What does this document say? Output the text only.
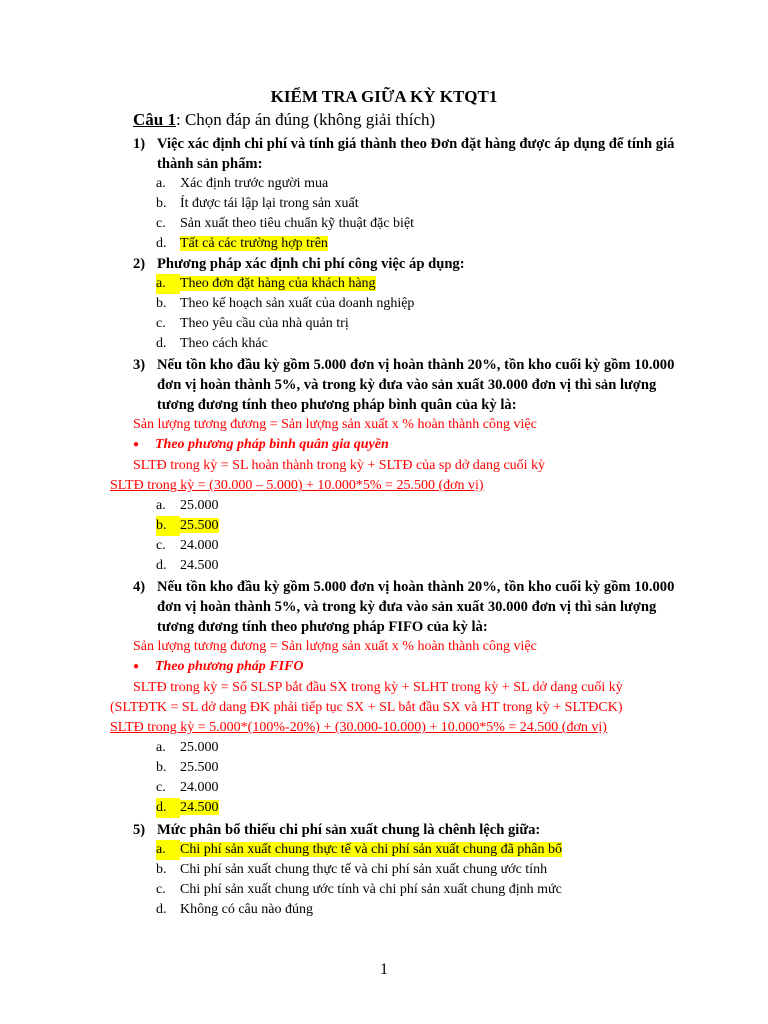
KIỂM TRA GIỮA KỲ KTQT1
Câu 1: Chọn đáp án đúng (không giải thích)
1) Việc xác định chi phí và tính giá thành theo Đơn đặt hàng được áp dụng để tính giá thành sản phẩm:
a. Xác định trước người mua
b. Ít được tái lập lại trong sản xuất
c. Sản xuất theo tiêu chuẩn kỹ thuật đặc biệt
d. Tất cả các trường hợp trên
2) Phương pháp xác định chi phí công việc áp dụng:
a. Theo đơn đặt hàng của khách hàng
b. Theo kế hoạch sản xuất của doanh nghiệp
c. Theo yêu cầu của nhà quản trị
d. Theo cách khác
3) Nếu tồn kho đầu kỳ gồm 5.000 đơn vị hoàn thành 20%, tồn kho cuối kỳ gồm 10.000 đơn vị hoàn thành 5%, và trong kỳ đưa vào sản xuất 30.000 đơn vị thì sản lượng tương đương tính theo phương pháp bình quân của kỳ là:
Sản lượng tương đương = Sản lượng sản xuất x % hoàn thành công việc
● Theo phương pháp bình quân gia quyền
SLTĐ trong kỳ = SL hoàn thành trong kỳ + SLTĐ của sp dở dang cuối kỳ
SLTĐ trong kỳ = (30.000 – 5.000) + 10.000*5% = 25.500 (đơn vị)
a. 25.000
b. 25.500
c. 24.000
d. 24.500
4) Nếu tồn kho đầu kỳ gồm 5.000 đơn vị hoàn thành 20%, tồn kho cuối kỳ gồm 10.000 đơn vị hoàn thành 5%, và trong kỳ đưa vào sản xuất 30.000 đơn vị thì sản lượng tương đương tính theo phương pháp FIFO của kỳ là:
Sản lượng tương đương = Sản lượng sản xuất x % hoàn thành công việc
● Theo phương pháp FIFO
SLTĐ trong kỳ = Số SLSP bắt đầu SX trong kỳ + SLHT trong kỳ + SL dở dang cuối kỳ
(SLTĐTK = SL dở dang ĐK phải tiếp tục SX + SL bắt đầu SX và HT trong kỳ + SLTĐCK)
SLTĐ trong kỳ = 5.000*(100%-20%) + (30.000-10.000) + 10.000*5% = 24.500 (đơn vị)
a. 25.000
b. 25.500
c. 24.000
d. 24.500
5) Mức phân bổ thiếu chi phí sản xuất chung là chênh lệch giữa:
a. Chi phí sản xuất chung thực tế và chi phí sản xuất chung đã phân bổ
b. Chi phí sản xuất chung thực tế và chi phí sản xuất chung ước tính
c. Chi phí sản xuất chung ước tính và chi phí sản xuất chung định mức
d. Không có câu nào đúng
1
